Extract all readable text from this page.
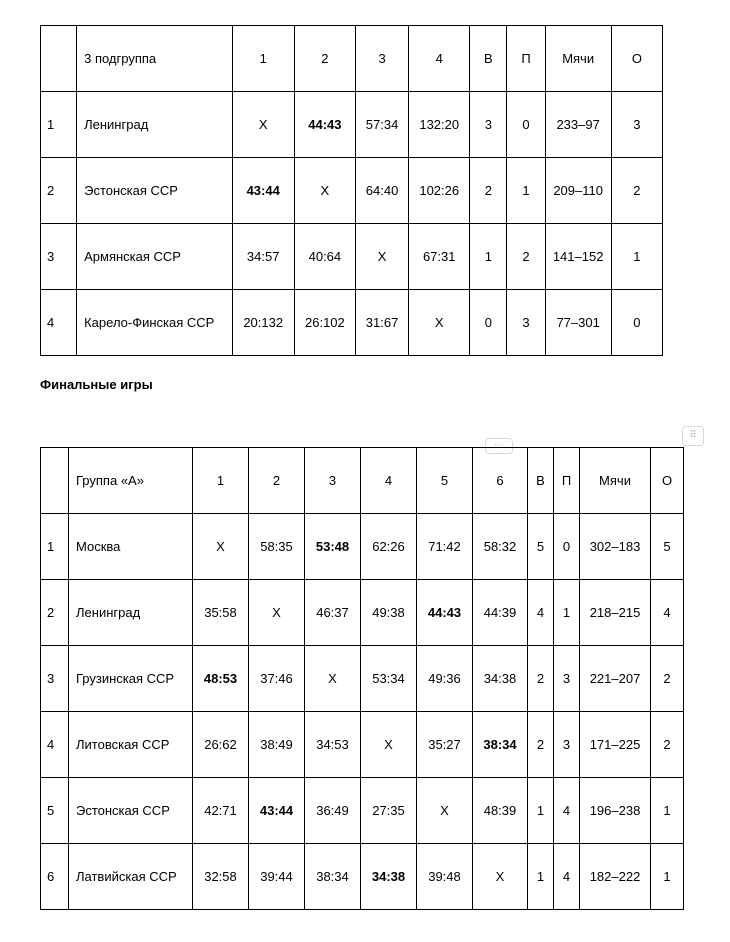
	3 подгруппа	1	2	3	4	В	П	Мячи	О
1	Ленинград	Х	44:43	57:34	132:20	3	0	233–97	3
2	Эстонская ССР	43:44	Х	64:40	102:26	2	1	209–110	2
3	Армянская ССР	34:57	40:64	Х	67:31	1	2	141–152	1
4	Карело-Финская ССР	20:132	26:102	31:67	Х	0	3	77–301	0
Финальные игры
⋯
⠿
	Группа «А»	1	2	3	4	5	6	В	П	Мячи	О
1	Москва	Х	58:35	53:48	62:26	71:42	58:32	5	0	302–183	5
2	Ленинград	35:58	Х	46:37	49:38	44:43	44:39	4	1	218–215	4
3	Грузинская ССР	48:53	37:46	Х	53:34	49:36	34:38	2	3	221–207	2
4	Литовская ССР	26:62	38:49	34:53	Х	35:27	38:34	2	3	171–225	2
5	Эстонская ССР	42:71	43:44	36:49	27:35	Х	48:39	1	4	196–238	1
6	Латвийская ССР	32:58	39:44	38:34	34:38	39:48	Х	1	4	182–222	1
